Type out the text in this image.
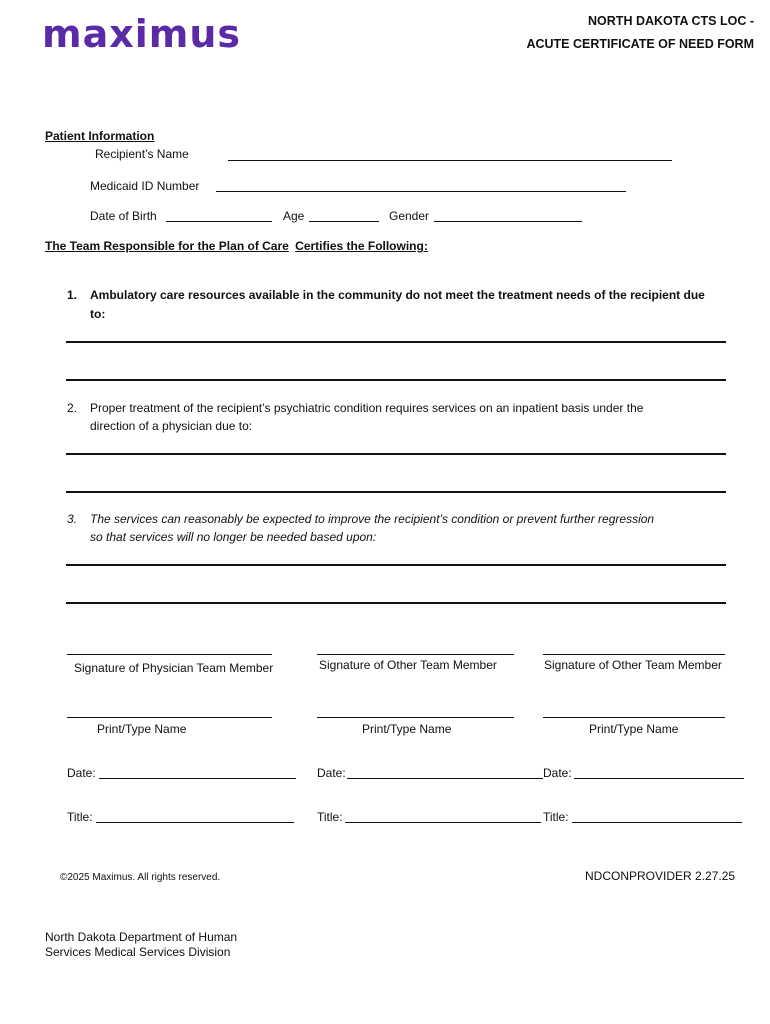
maximus	NORTH DAKOTA CTS LOC -
ACUTE CERTIFICATE OF NEED FORM
Patient Information
Recipient’s Name
Medicaid ID Number
Date of Birth	Age	Gender
The Team Responsible for the Plan of Care Certifies the Following:
1. Ambulatory care resources available in the community do not meet the treatment needs of the recipient due
to:
2. Proper treatment of the recipient’s psychiatric condition requires services on an inpatient basis under the
direction of a physician due to:
3. The services can reasonably be expected to improve the recipient’s condition or prevent further regression
so that services will no longer be needed based upon:
Signature of Physician Team Member	Signature of Other Team Member	Signature of Other Team Member
Print/Type Name	Print/Type Name	Print/Type Name
Date:	Date:	Date:
Title:	Title:	Title:
©2025 Maximus. All rights reserved.	NDCONPROVIDER 2.27.25
North Dakota Department of Human
Services Medical Services Division
